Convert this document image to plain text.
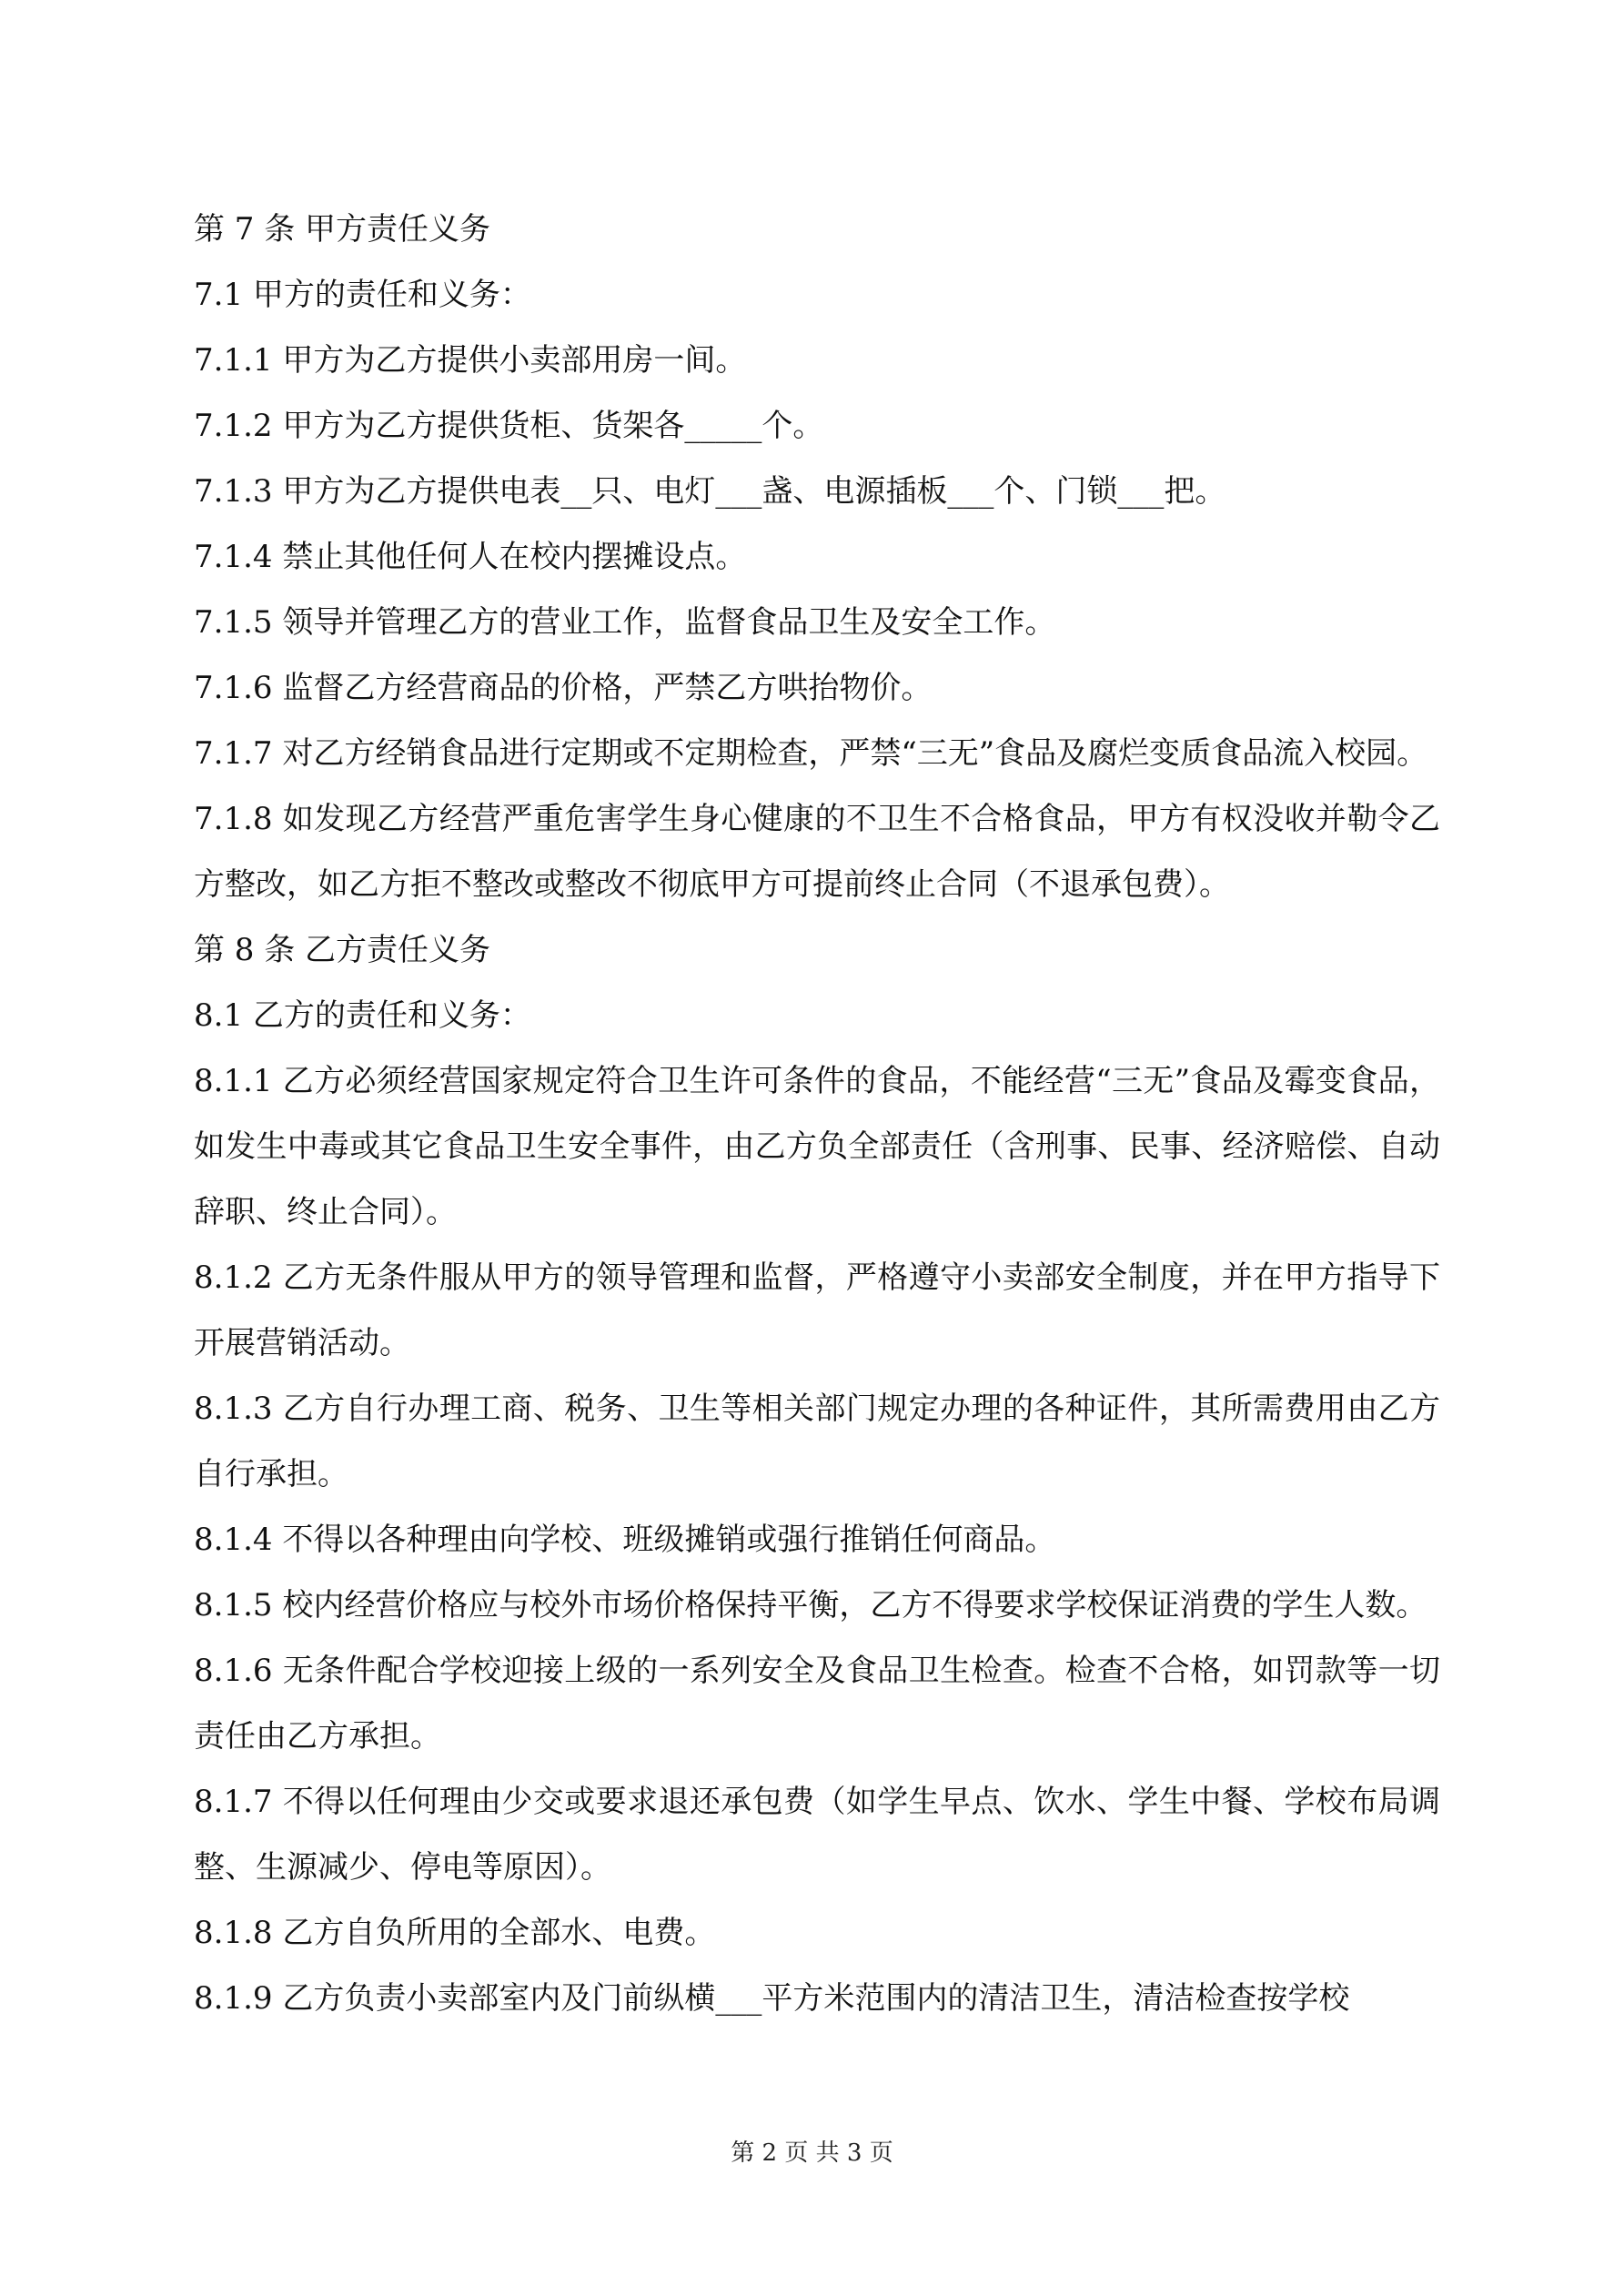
第 7 条 甲方责任义务

7.1 甲方的责任和义务：

7.1.1 甲方为乙方提供小卖部用房一间。

7.1.2 甲方为乙方提供货柜、货架各_____个。

7.1.3 甲方为乙方提供电表__只、电灯___盏、电源插板___个、门锁___把。

7.1.4 禁止其他任何人在校内摆摊设点。

7.1.5 领导并管理乙方的营业工作，监督食品卫生及安全工作。

7.1.6 监督乙方经营商品的价格，严禁乙方哄抬物价。

7.1.7 对乙方经销食品进行定期或不定期检查，严禁“三无”食品及腐烂变质食品流入校园。

7.1.8 如发现乙方经营严重危害学生身心健康的不卫生不合格食品，甲方有权没收并勒令乙方整改，如乙方拒不整改或整改不彻底甲方可提前终止合同（不退承包费）。

第 8 条 乙方责任义务

8.1 乙方的责任和义务：

8.1.1 乙方必须经营国家规定符合卫生许可条件的食品，不能经营“三无”食品及霉变食品，如发生中毒或其它食品卫生安全事件，由乙方负全部责任（含刑事、民事、经济赔偿、自动辞职、终止合同）。

8.1.2 乙方无条件服从甲方的领导管理和监督，严格遵守小卖部安全制度，并在甲方指导下开展营销活动。

8.1.3 乙方自行办理工商、税务、卫生等相关部门规定办理的各种证件，其所需费用由乙方自行承担。

8.1.4 不得以各种理由向学校、班级摊销或强行推销任何商品。

8.1.5 校内经营价格应与校外市场价格保持平衡，乙方不得要求学校保证消费的学生人数。

8.1.6 无条件配合学校迎接上级的一系列安全及食品卫生检查。检查不合格，如罚款等一切责任由乙方承担。

8.1.7 不得以任何理由少交或要求退还承包费（如学生早点、饮水、学生中餐、学校布局调整、生源减少、停电等原因）。

8.1.8 乙方自负所用的全部水、电费。

8.1.9 乙方负责小卖部室内及门前纵横___平方米范围内的清洁卫生，清洁检查按学校

第 2 页 共 3 页
